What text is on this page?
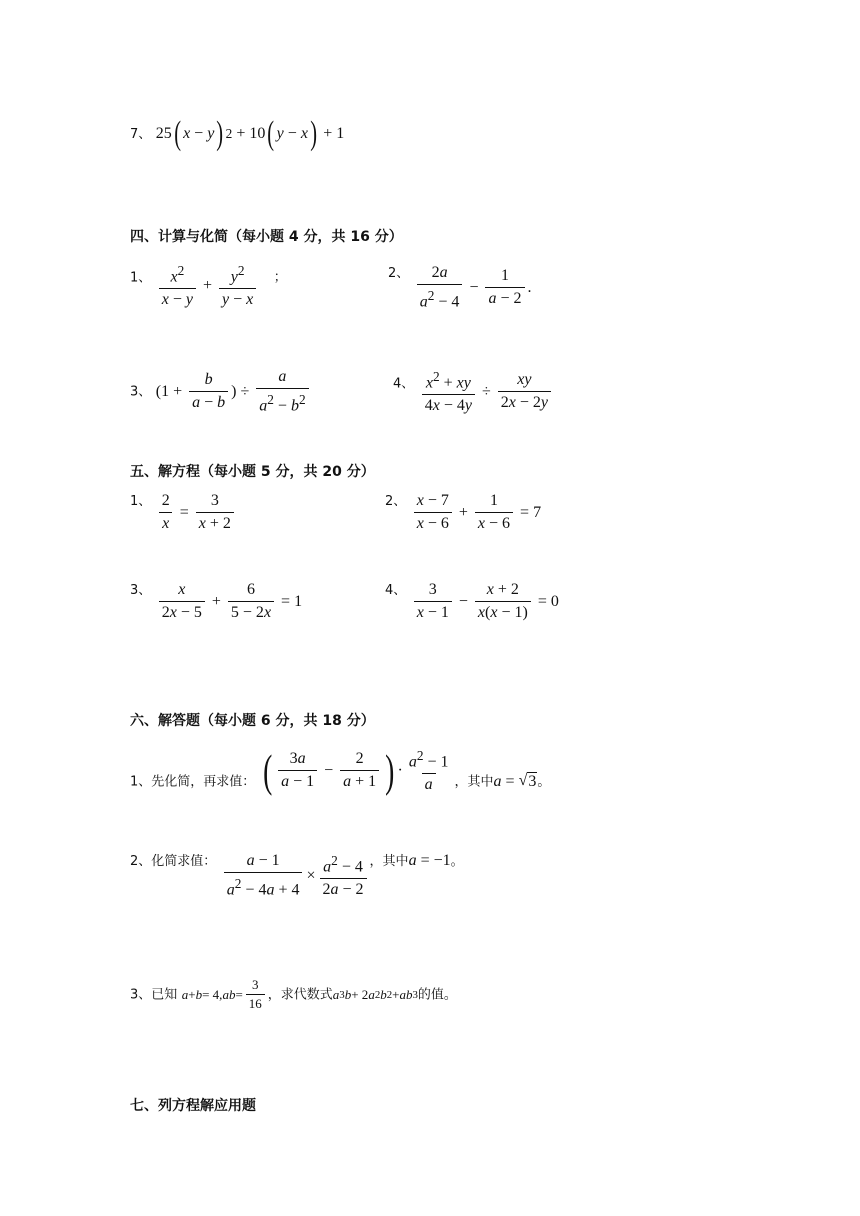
7、 25 ( x − y ) 2 + 10 ( y − x ) + 1
四、计算与化简（每小题 4 分，共 16 分）
1、 $\frac{x^2}{x - y} + \frac{y^2}{y - x}$ ；	2、 $\frac{2a}{a^2 - 4} - \frac{1}{a - 2}$ .
3、 ($1 + \frac{b}{a - b}$ ) ÷ $\frac{a}{a^2 - b^2}$	4、 $\frac{x^2 + xy}{4x - 4y} \div \frac{xy}{2x - 2y}$
五、解方程（每小题 5 分，共 20 分）
1、 $\frac{2}{x} = \frac{3}{x + 2}$	2、 $\frac{x - 7}{x - 6} + \frac{1}{x - 6} = 7$
3、 $\frac{x}{2x - 5} + \frac{6}{5 - 2x} = 1$
4、 $\frac{3}{x - 1} - \frac{x + 2}{x(x - 1)} = 0$
六、解答题（每小题 6 分，共 18 分）
1、先化简，再求值： ( $\frac{3a}{a - 1} - \frac{2}{a + 1}$ ) · $\frac{a^2 - 1}{a}$ ，其中 a = √ 3 。
2、化简求值： $\frac{a - 1}{a^2 - 4a + 4} \times \frac{a^2 - 4}{2a - 2}$ ，其中 a = −1。
3、已知 a + b = 4, ab = $\frac{3}{16}$ ，求代数式 a 3 b + 2 a 2 b 2 + ab 3 的值。
七、列方程解应用题
